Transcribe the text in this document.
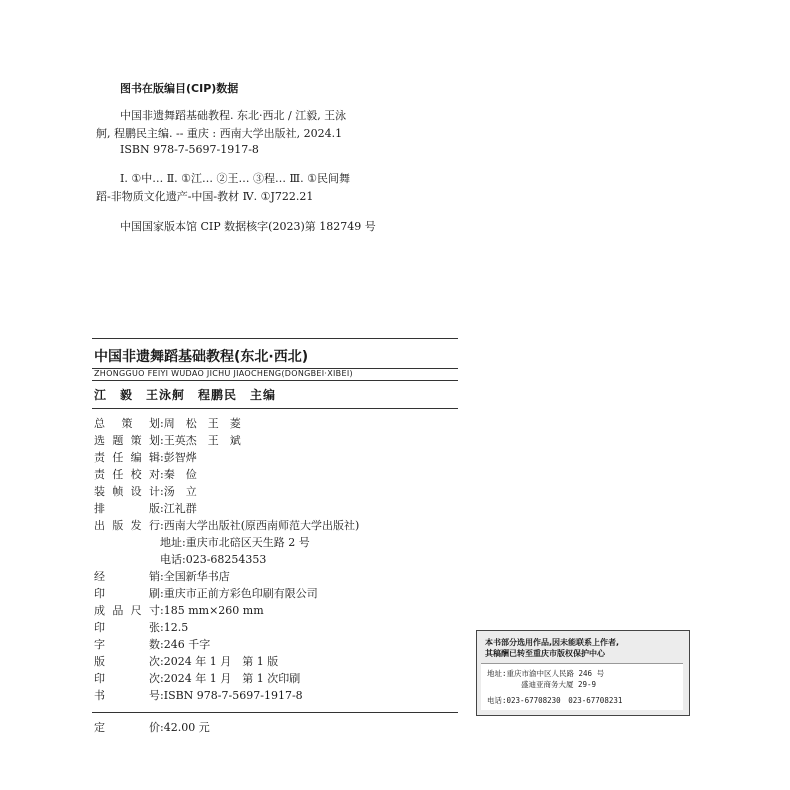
图书在版编目(CIP)数据
中国非遗舞蹈基础教程. 东北·西北 / 江毅, 王泳
舸, 程鹏民主编. -- 重庆 : 西南大学出版社, 2024.1
ISBN 978-7-5697-1917-8
Ⅰ. ①中… Ⅱ. ①江… ②王… ③程… Ⅲ. ①民间舞
蹈-非物质文化遗产-中国-教材 Ⅳ. ①J722.21
中国国家版本馆 CIP 数据核字(2023)第 182749 号
中国非遗舞蹈基础教程(东北·西北)
ZHONGGUO FEIYI WUDAO JICHU JIAOCHENG(DONGBEI·XIBEI)
江　毅　王泳舸　程鹏民　主编
总 策 划:周　松　王　菱
选题策划:王英杰　王　斌
责任编辑:彭智烨
责任校对:秦　俭
装帧设计:汤　立
排　　版:江礼群
出版发行:西南大学出版社(原西南师范大学出版社)
地址:重庆市北碚区天生路 2 号
电话:023-68254353
经　　销:全国新华书店
印　　刷:重庆市正前方彩色印刷有限公司
成品尺寸:185 mm×260 mm
印　　张:12.5
字　　数:246 千字
版　　次:2024 年 1 月　第 1 版
印　　次:2024 年 1 月　第 1 次印刷
书　　号:ISBN 978-7-5697-1917-8
定　　价:42.00 元
本书部分选用作品,因未能联系上作者,
其稿酬已转至重庆市版权保护中心
地址:重庆市渝中区人民路 246 号
盛迪亚商务大厦 29-9
电话:023-67708230　023-67708231
